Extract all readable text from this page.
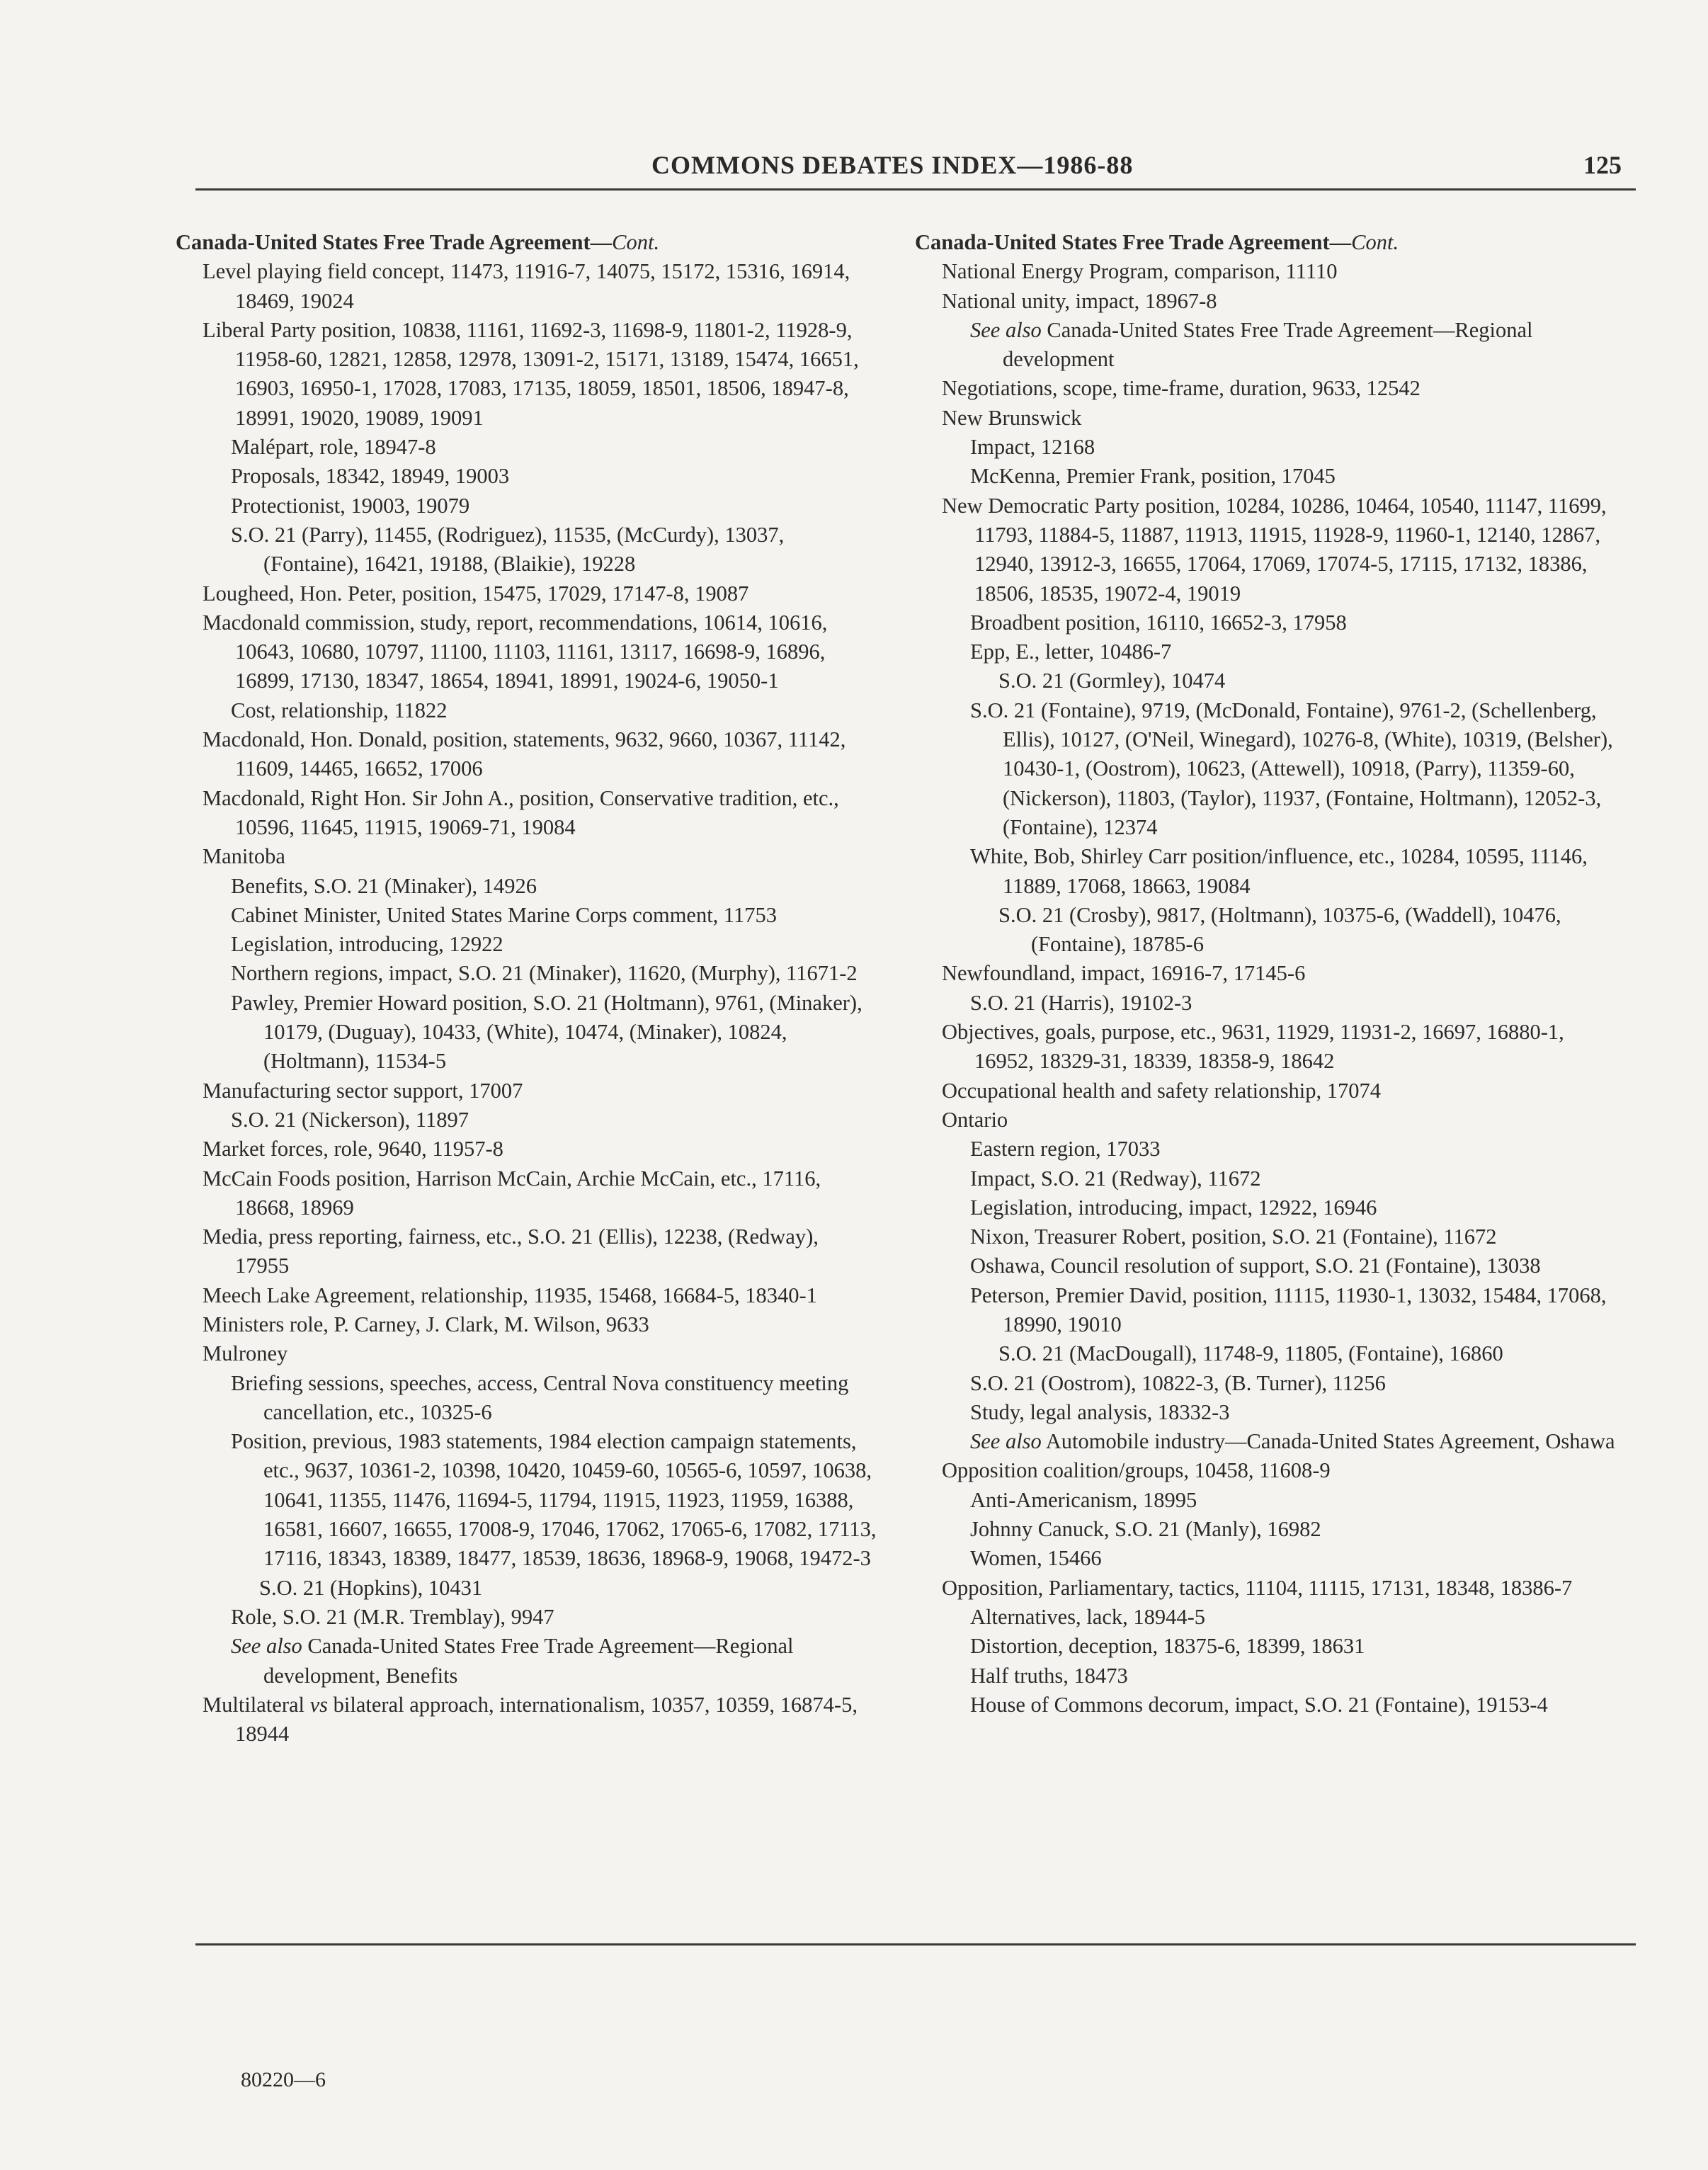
COMMONS DEBATES INDEX—1986-88	125
Canada-United States Free Trade Agreement—Cont.
Level playing field concept, 11473, 11916-7, 14075, 15172, 15316, 16914, 18469, 19024
Liberal Party position, 10838, 11161, 11692-3, 11698-9, 11801-2, 11928-9, 11958-60, 12821, 12858, 12978, 13091-2, 15171, 13189, 15474, 16651, 16903, 16950-1, 17028, 17083, 17135, 18059, 18501, 18506, 18947-8, 18991, 19020, 19089, 19091
Malépart, role, 18947-8
Proposals, 18342, 18949, 19003
Protectionist, 19003, 19079
S.O. 21 (Parry), 11455, (Rodriguez), 11535, (McCurdy), 13037, (Fontaine), 16421, 19188, (Blaikie), 19228
Lougheed, Hon. Peter, position, 15475, 17029, 17147-8, 19087
Macdonald commission, study, report, recommendations, 10614, 10616, 10643, 10680, 10797, 11100, 11103, 11161, 13117, 16698-9, 16896, 16899, 17130, 18347, 18654, 18941, 18991, 19024-6, 19050-1
Cost, relationship, 11822
Macdonald, Hon. Donald, position, statements, 9632, 9660, 10367, 11142, 11609, 14465, 16652, 17006
Macdonald, Right Hon. Sir John A., position, Conservative tradition, etc., 10596, 11645, 11915, 19069-71, 19084
Manitoba
Benefits, S.O. 21 (Minaker), 14926
Cabinet Minister, United States Marine Corps comment, 11753
Legislation, introducing, 12922
Northern regions, impact, S.O. 21 (Minaker), 11620, (Murphy), 11671-2
Pawley, Premier Howard position, S.O. 21 (Holtmann), 9761, (Minaker), 10179, (Duguay), 10433, (White), 10474, (Minaker), 10824, (Holtmann), 11534-5
Manufacturing sector support, 17007
S.O. 21 (Nickerson), 11897
Market forces, role, 9640, 11957-8
McCain Foods position, Harrison McCain, Archie McCain, etc., 17116, 18668, 18969
Media, press reporting, fairness, etc., S.O. 21 (Ellis), 12238, (Redway), 17955
Meech Lake Agreement, relationship, 11935, 15468, 16684-5, 18340-1
Ministers role, P. Carney, J. Clark, M. Wilson, 9633
Mulroney
Briefing sessions, speeches, access, Central Nova constituency meeting cancellation, etc., 10325-6
Position, previous, 1983 statements, 1984 election campaign statements, etc., 9637, 10361-2, 10398, 10420, 10459-60, 10565-6, 10597, 10638, 10641, 11355, 11476, 11694-5, 11794, 11915, 11923, 11959, 16388, 16581, 16607, 16655, 17008-9, 17046, 17062, 17065-6, 17082, 17113, 17116, 18343, 18389, 18477, 18539, 18636, 18968-9, 19068, 19472-3
S.O. 21 (Hopkins), 10431
Role, S.O. 21 (M.R. Tremblay), 9947
See also Canada-United States Free Trade Agreement—Regional development, Benefits
Multilateral vs bilateral approach, internationalism, 10357, 10359, 16874-5, 18944
Canada-United States Free Trade Agreement—Cont.
National Energy Program, comparison, 11110
National unity, impact, 18967-8
See also Canada-United States Free Trade Agreement—Regional development
Negotiations, scope, time-frame, duration, 9633, 12542
New Brunswick
Impact, 12168
McKenna, Premier Frank, position, 17045
New Democratic Party position, 10284, 10286, 10464, 10540, 11147, 11699, 11793, 11884-5, 11887, 11913, 11915, 11928-9, 11960-1, 12140, 12867, 12940, 13912-3, 16655, 17064, 17069, 17074-5, 17115, 17132, 18386, 18506, 18535, 19072-4, 19019
Broadbent position, 16110, 16652-3, 17958
Epp, E., letter, 10486-7
S.O. 21 (Gormley), 10474
S.O. 21 (Fontaine), 9719, (McDonald, Fontaine), 9761-2, (Schellenberg, Ellis), 10127, (O'Neil, Winegard), 10276-8, (White), 10319, (Belsher), 10430-1, (Oostrom), 10623, (Attewell), 10918, (Parry), 11359-60, (Nickerson), 11803, (Taylor), 11937, (Fontaine, Holtmann), 12052-3, (Fontaine), 12374
White, Bob, Shirley Carr position/influence, etc., 10284, 10595, 11146, 11889, 17068, 18663, 19084
S.O. 21 (Crosby), 9817, (Holtmann), 10375-6, (Waddell), 10476, (Fontaine), 18785-6
Newfoundland, impact, 16916-7, 17145-6
S.O. 21 (Harris), 19102-3
Objectives, goals, purpose, etc., 9631, 11929, 11931-2, 16697, 16880-1, 16952, 18329-31, 18339, 18358-9, 18642
Occupational health and safety relationship, 17074
Ontario
Eastern region, 17033
Impact, S.O. 21 (Redway), 11672
Legislation, introducing, impact, 12922, 16946
Nixon, Treasurer Robert, position, S.O. 21 (Fontaine), 11672
Oshawa, Council resolution of support, S.O. 21 (Fontaine), 13038
Peterson, Premier David, position, 11115, 11930-1, 13032, 15484, 17068, 18990, 19010
S.O. 21 (MacDougall), 11748-9, 11805, (Fontaine), 16860
S.O. 21 (Oostrom), 10822-3, (B. Turner), 11256
Study, legal analysis, 18332-3
See also Automobile industry—Canada-United States Agreement, Oshawa
Opposition coalition/groups, 10458, 11608-9
Anti-Americanism, 18995
Johnny Canuck, S.O. 21 (Manly), 16982
Women, 15466
Opposition, Parliamentary, tactics, 11104, 11115, 17131, 18348, 18386-7
Alternatives, lack, 18944-5
Distortion, deception, 18375-6, 18399, 18631
Half truths, 18473
House of Commons decorum, impact, S.O. 21 (Fontaine), 19153-4
80220—6
